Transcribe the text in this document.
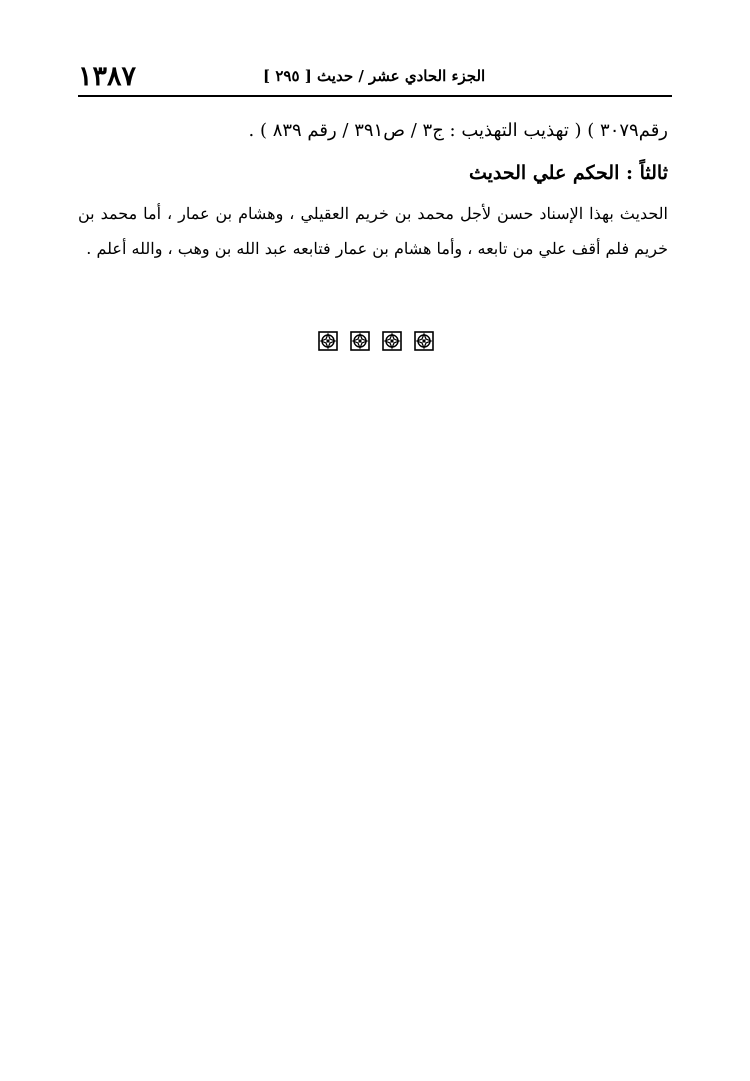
١٣٨٧	الجزء الحادي عشر / حديث [ ٢٩٥ ]

رقم٣٠٧٩ ) ( تهذيب التهذيب : ج٣ / ص٣٩١ / رقم ٨٣٩ ) .

ثالثاً : الحكم علي الحديث

الحديث بهذا الإسناد حسن لأجل محمد بن خريم العقيلي ، وهشام بن عمار ، أما محمد بن خريم فلم أقف علي من تابعه ، وأما هشام بن عمار فتابعه عبد الله بن وهب ، والله أعلم .
